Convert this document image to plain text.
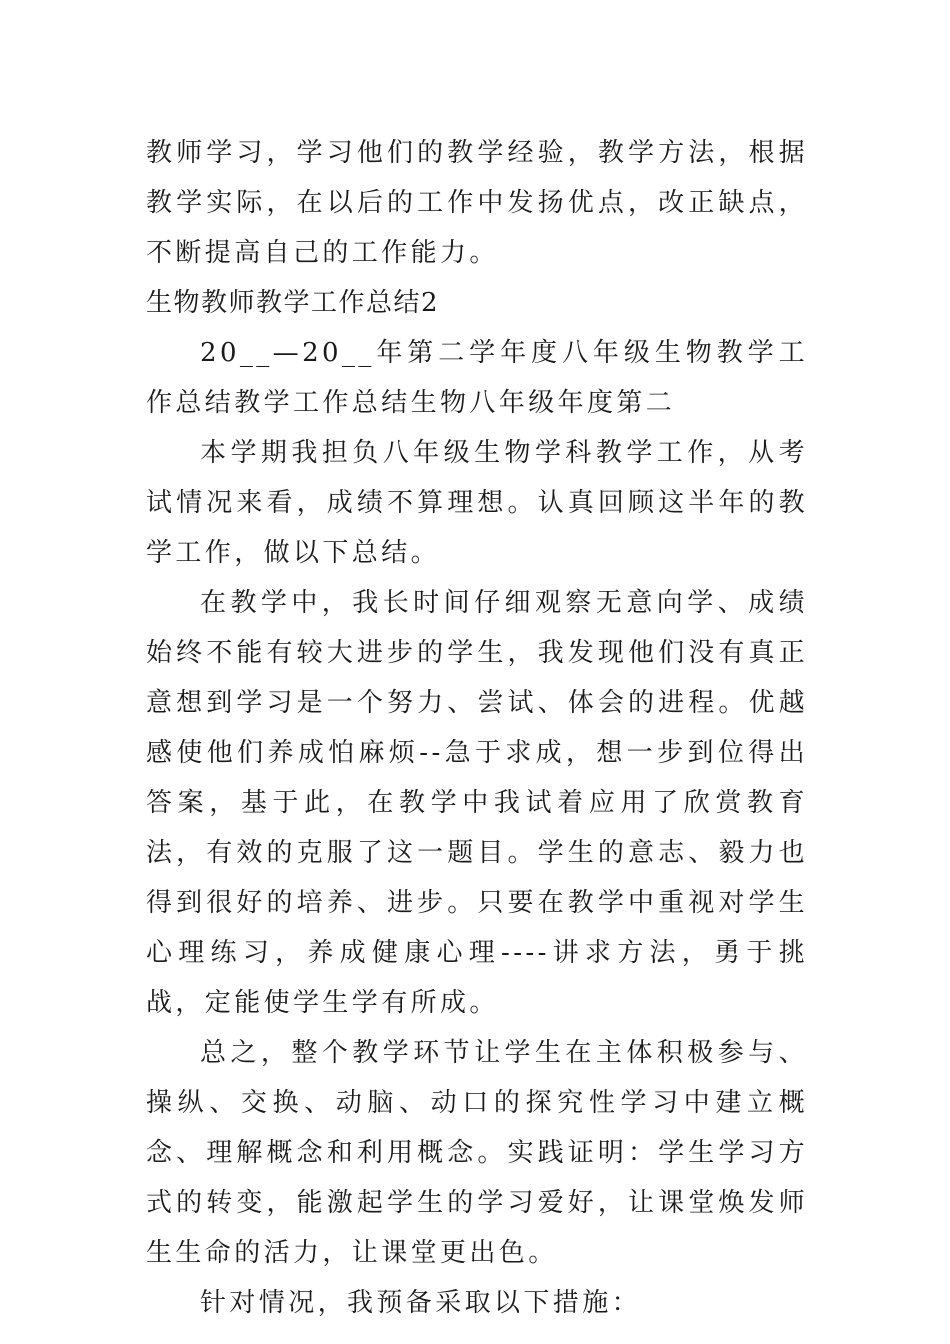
教师学习，学习他们的教学经验，教学方法，根据教学实际，在以后的工作中发扬优点，改正缺点，不断提高自己的工作能力。

生物教师教学工作总结2

20__—20__年第二学年度八年级生物教学工作总结教学工作总结生物八年级年度第二

本学期我担负八年级生物学科教学工作，从考试情况来看，成绩不算理想。认真回顾这半年的教学工作，做以下总结。

在教学中，我长时间仔细观察无意向学、成绩始终不能有较大进步的学生，我发现他们没有真正意想到学习是一个努力、尝试、体会的进程。优越感使他们养成怕麻烦--急于求成，想一步到位得出答案，基于此，在教学中我试着应用了欣赏教育法，有效的克服了这一题目。学生的意志、毅力也得到很好的培养、进步。只要在教学中重视对学生心理练习，养成健康心理----讲求方法，勇于挑战，定能使学生学有所成。

总之，整个教学环节让学生在主体积极参与、操纵、交换、动脑、动口的探究性学习中建立概念、理解概念和利用概念。实践证明：学生学习方式的转变，能激起学生的学习爱好，让课堂焕发师生生命的活力，让课堂更出色。

针对情况，我预备采取以下措施：
